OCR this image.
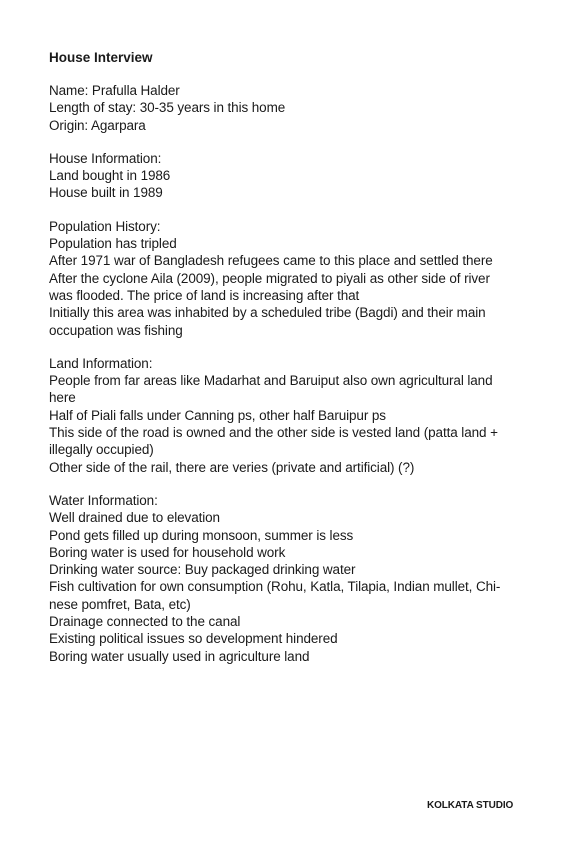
House Interview
Name: Prafulla Halder
Length of stay: 30-35 years in this home
Origin: Agarpara
House Information:
Land bought in 1986
House built in 1989
Population History:
Population has tripled
After 1971 war of Bangladesh refugees came to this place and settled there
After the cyclone Aila (2009), people migrated to piyali as other side of river
was flooded. The price of land is increasing after that
Initially this area was inhabited by a scheduled tribe (Bagdi) and their main
occupation was fishing
Land Information:
People from far areas like Madarhat and Baruiput also own agricultural land
here
Half of Piali falls under Canning ps, other half Baruipur ps
This side of the road is owned and the other side is vested land (patta land +
illegally occupied)
Other side of the rail, there are veries (private and artificial) (?)
Water Information:
Well drained due to elevation
Pond gets filled up during monsoon, summer is less
Boring water is used for household work
Drinking water source: Buy packaged drinking water
Fish cultivation for own consumption (Rohu, Katla, Tilapia, Indian mullet, Chi-
nese pomfret, Bata, etc)
Drainage connected to the canal
Existing political issues so development hindered
Boring water usually used in agriculture land
KOLKATA STUDIO
